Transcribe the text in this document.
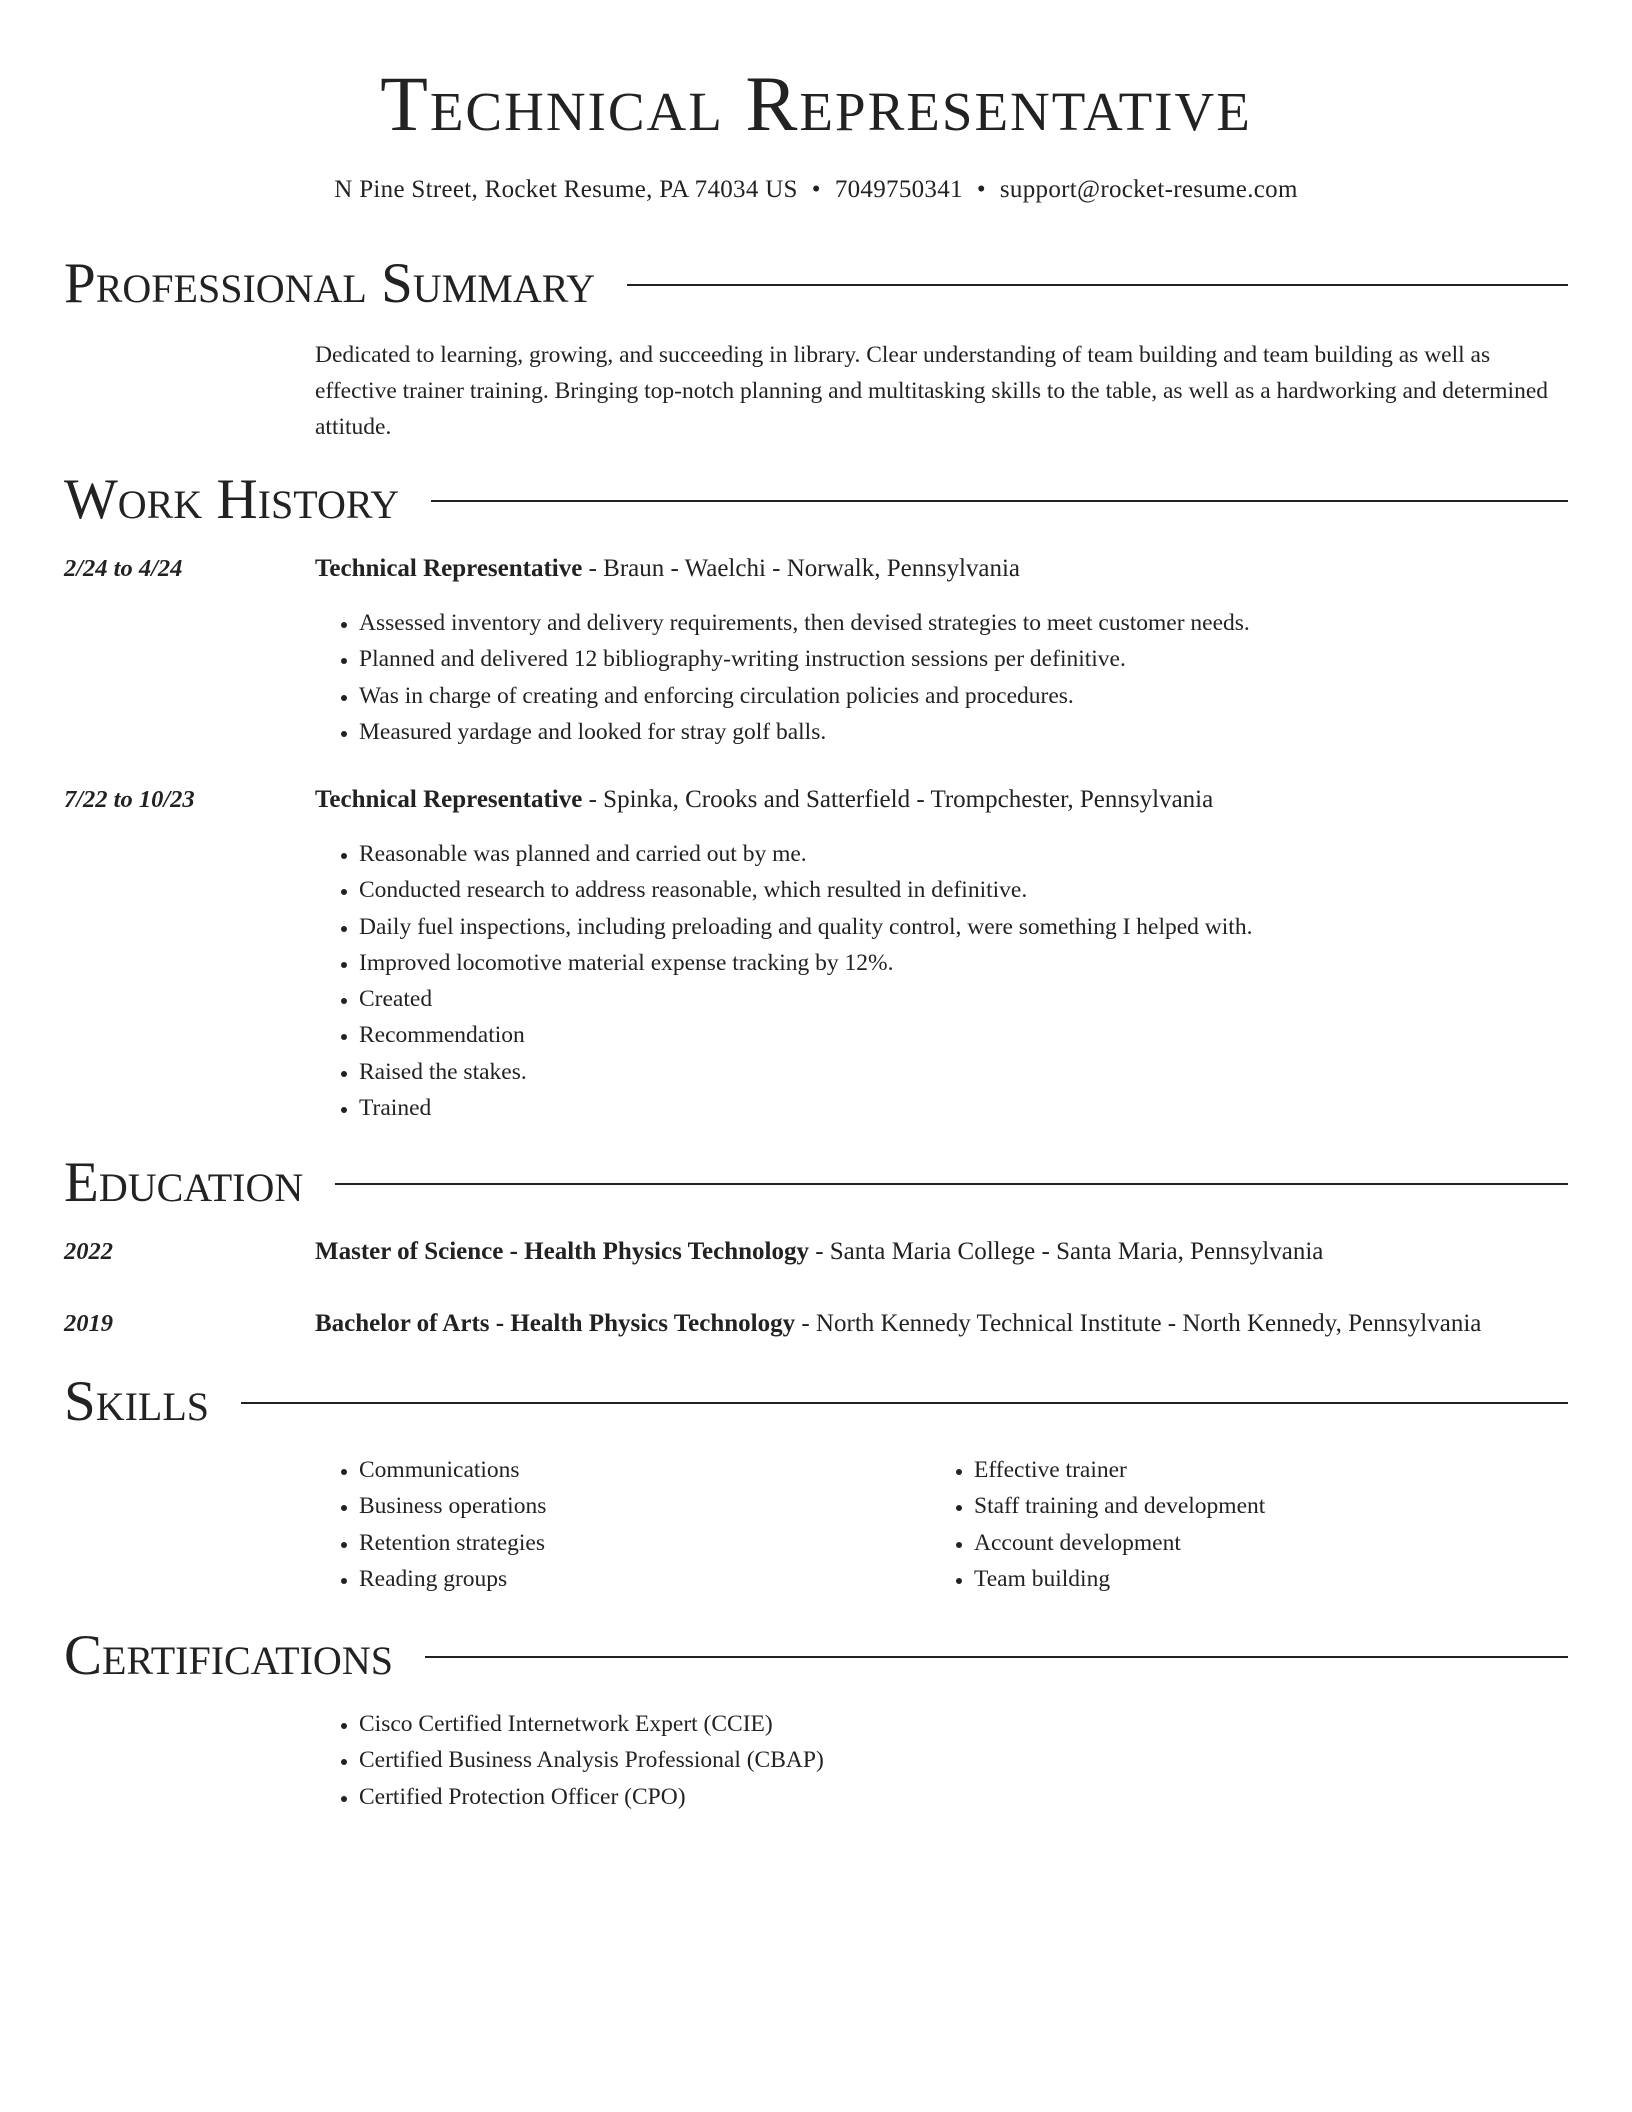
Technical Representative
N Pine Street, Rocket Resume, PA 74034 US • 7049750341 • support@rocket-resume.com
Professional Summary
Dedicated to learning, growing, and succeeding in library. Clear understanding of team building and team building as well as effective trainer training. Bringing top-notch planning and multitasking skills to the table, as well as a hardworking and determined attitude.
Work History
2/24 to 4/24	Technical Representative - Braun - Waelchi - Norwalk, Pennsylvania
• Assessed inventory and delivery requirements, then devised strategies to meet customer needs.
• Planned and delivered 12 bibliography-writing instruction sessions per definitive.
• Was in charge of creating and enforcing circulation policies and procedures.
• Measured yardage and looked for stray golf balls.
7/22 to 10/23	Technical Representative - Spinka, Crooks and Satterfield - Trompchester, Pennsylvania
• Reasonable was planned and carried out by me.
• Conducted research to address reasonable, which resulted in definitive.
• Daily fuel inspections, including preloading and quality control, were something I helped with.
• Improved locomotive material expense tracking by 12%.
• Created
• Recommendation
• Raised the stakes.
• Trained
Education
2022	Master of Science - Health Physics Technology - Santa Maria College - Santa Maria, Pennsylvania
2019	Bachelor of Arts - Health Physics Technology - North Kennedy Technical Institute - North Kennedy, Pennsylvania
Skills
• Communications
• Business operations
• Retention strategies
• Reading groups
• Effective trainer
• Staff training and development
• Account development
• Team building
Certifications
• Cisco Certified Internetwork Expert (CCIE)
• Certified Business Analysis Professional (CBAP)
• Certified Protection Officer (CPO)
